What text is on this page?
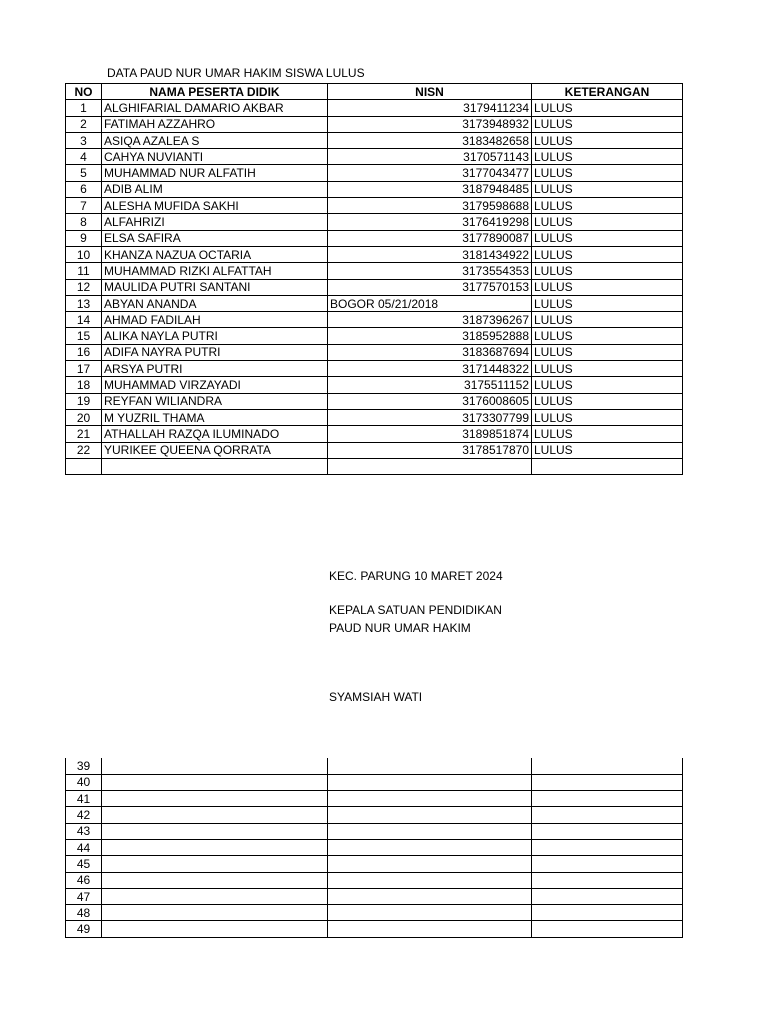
DATA PAUD NUR UMAR HAKIM SISWA LULUS
NO	NAMA PESERTA DIDIK	NISN	KETERANGAN
1	ALGHIFARIAL DAMARIO AKBAR	3179411234	LULUS
2	FATIMAH AZZAHRO	3173948932	LULUS
3	ASIQA AZALEA S	3183482658	LULUS
4	CAHYA NUVIANTI	3170571143	LULUS
5	MUHAMMAD NUR ALFATIH	3177043477	LULUS
6	ADIB ALIM	3187948485	LULUS
7	ALESHA MUFIDA SAKHI	3179598688	LULUS
8	ALFAHRIZI	3176419298	LULUS
9	ELSA SAFIRA	3177890087	LULUS
10	KHANZA NAZUA OCTARIA	3181434922	LULUS
11	MUHAMMAD RIZKI ALFATTAH	3173554353	LULUS
12	MAULIDA PUTRI SANTANI	3177570153	LULUS
13	ABYAN ANANDA	BOGOR 05/21/2018	LULUS
14	AHMAD FADILAH	3187396267	LULUS
15	ALIKA NAYLA PUTRI	3185952888	LULUS
16	ADIFA NAYRA PUTRI	3183687694	LULUS
17	ARSYA PUTRI	3171448322	LULUS
18	MUHAMMAD VIRZAYADI	3175511152	LULUS
19	REYFAN WILIANDRA	3176008605	LULUS
20	M YUZRIL THAMA	3173307799	LULUS
21	ATHALLAH RAZQA ILUMINADO	3189851874	LULUS
22	YURIKEE QUEENA QORRATA	3178517870	LULUS

KEC. PARUNG 10 MARET 2024
KEPALA SATUAN PENDIDIKAN
PAUD NUR UMAR HAKIM
SYAMSIAH WATI
39			
40			
41			
42			
43			
44			
45			
46			
47			
48			
49			
